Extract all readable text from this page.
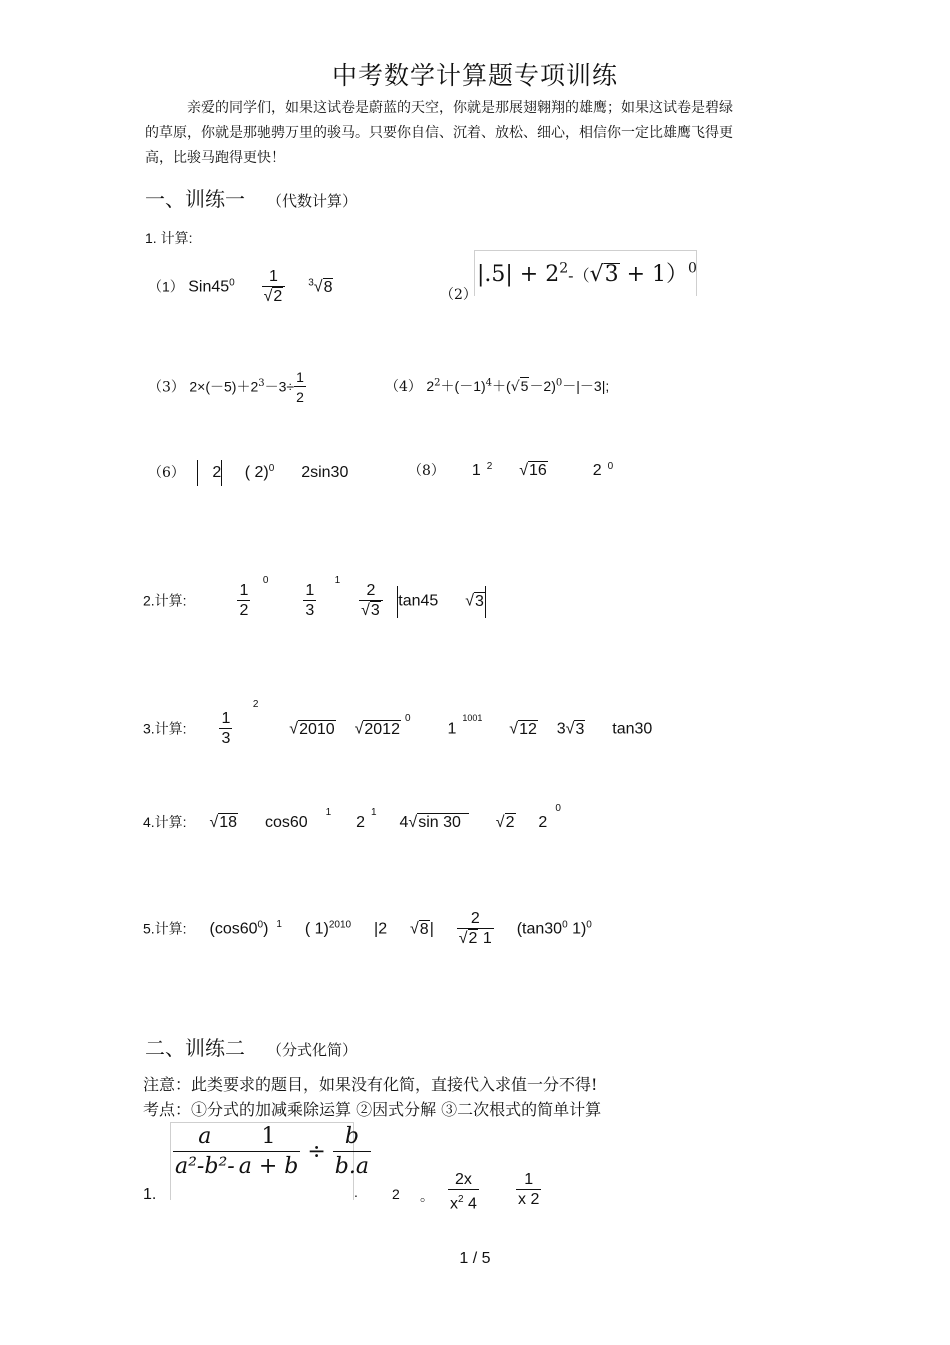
中考数学计算题专项训练
亲爱的同学们，如果这试卷是蔚蓝的天空，你就是那展翅翱翔的雄鹰；如果这试卷是碧绿的草原，你就是那驰骋万里的骏马。只要你自信、沉着、放松、细心，相信你一定比雄鹰飞得更高，比骏马跑得更快！
一、训练一 （代数计算）
1. 计算:
（1） $Sin45^0 \frac{1}{√2} ^3√8$	（2）
$|.5| + 2^2-(√3 + 1)^0$
（3） $2\times(-5)+2^3-3\div \frac{1}{2}$	（4） $2^2+(-1)^4+(√5-2)^0-|-3|$;
（6） 2 ( 2)$^0$ 2sin30	（8） 1 $^2$  √16	2 $^0$
2.计算:	$\frac{1}{2}$
$^0$
$\frac{1}{3}$
$^1$
$\frac{2}{√3} \tan 45$  √3
3.计算: $\frac{1}{3}$
$^2$  √2010  √2012$^0$  $1^{1001}$  √12 3√3 tan30
4.计算:  √18 $\cos 60^1$  $2^1$  4√sin 30  √2 $2^0$
5.计算: $(\cos 60^0)$ $^1$ ( 1)$^{2010}$ |2  $√8| \frac{2}{√2 1} (\tan 30^0$ 1)$^0$
二、训练二 （分式化简）
注意：此类要求的题目，如果没有化简，直接代入求值一分不得!
考点：①分式的加减乘除运算 ②因式分解 ③二次根式的简单计算
1.
$\frac{a}{\text{a²-b²-}} \frac{1}{a + b} \div \frac{b}{b.a}$
. 2 。 $\frac{2x}{x^2 4} \frac{1}{x 2}$
1 / 5
